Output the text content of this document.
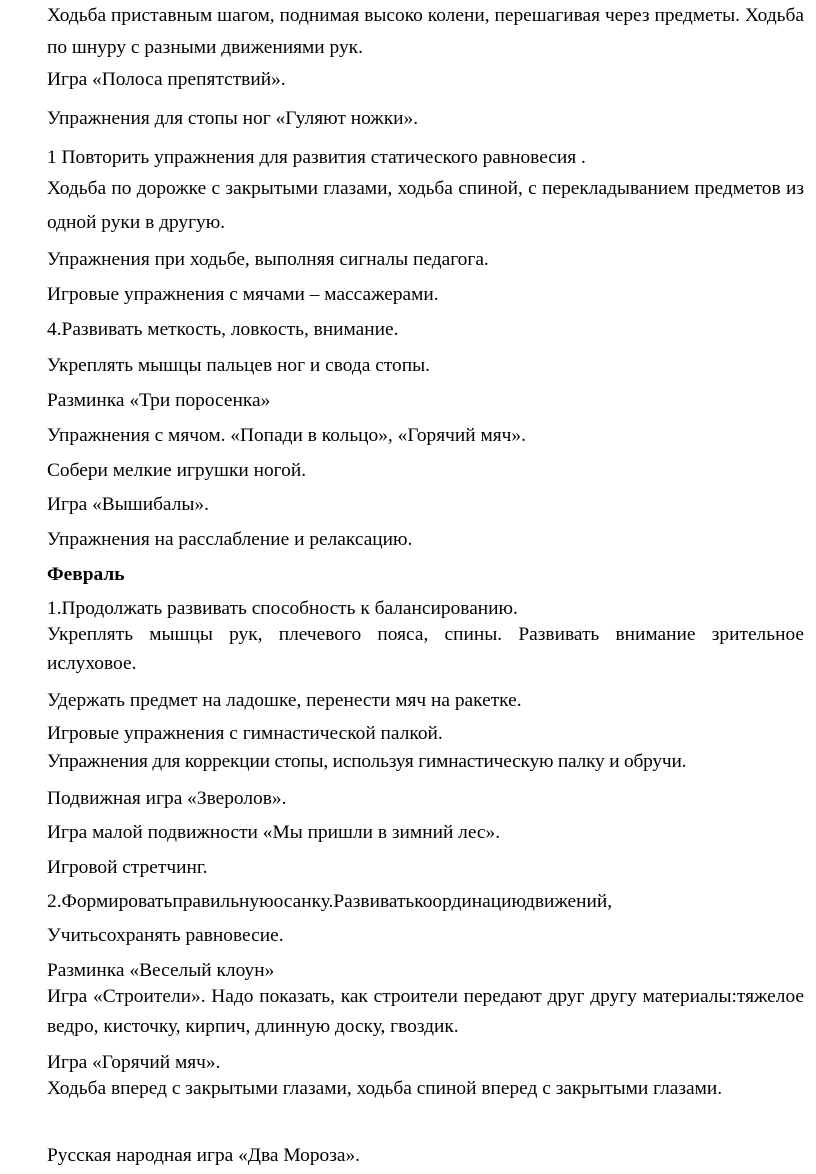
Ходьба приставным шагом, поднимая высоко колени, перешагивая через предметы. Ходьба по шнуру с разными движениями рук.

Игра «Полоса препятствий».

Упражнения для стопы ног «Гуляют ножки».

1 Повторить упражнения для развития статического равновесия .

Ходьба по дорожке с закрытыми глазами, ходьба спиной, с перекладыванием предметов из одной руки в другую.

Упражнения при ходьбе, выполняя сигналы педагога.

Игровые упражнения с мячами – массажерами.

4.Развивать меткость, ловкость, внимание.

Укреплять мышцы пальцев ног и свода стопы.

Разминка «Три поросенка»

Упражнения с мячом. «Попади в кольцо», «Горячий мяч».

Собери мелкие игрушки ногой.

Игра «Вышибалы».

Упражнения на расслабление и релаксацию.

Февраль

1.Продолжать развивать способность к балансированию.

Укреплять мышцы рук, плечевого пояса, спины. Развивать внимание зрительное ислуховое.

Удержать предмет на ладошке, перенести мяч на ракетке.

Игровые упражнения с гимнастической палкой.

Упражнения для коррекции стопы, используя гимнастическую палку и обручи.

Подвижная игра «Зверолов».

Игра малой подвижности «Мы пришли в зимний лес».

Игровой стретчинг.

2.Формироватьправильнуюосанку.Развиватькоординациюдвижений,

Учитьсохранять равновесие.

Разминка «Веселый клоун»

Игра «Строители». Надо показать, как строители передают друг другу материалы:тяжелое ведро, кисточку, кирпич, длинную доску, гвоздик.

Игра «Горячий мяч».

Ходьба вперед с закрытыми глазами, ходьба спиной вперед с закрытыми глазами.

Русская народная игра «Два Мороза».
